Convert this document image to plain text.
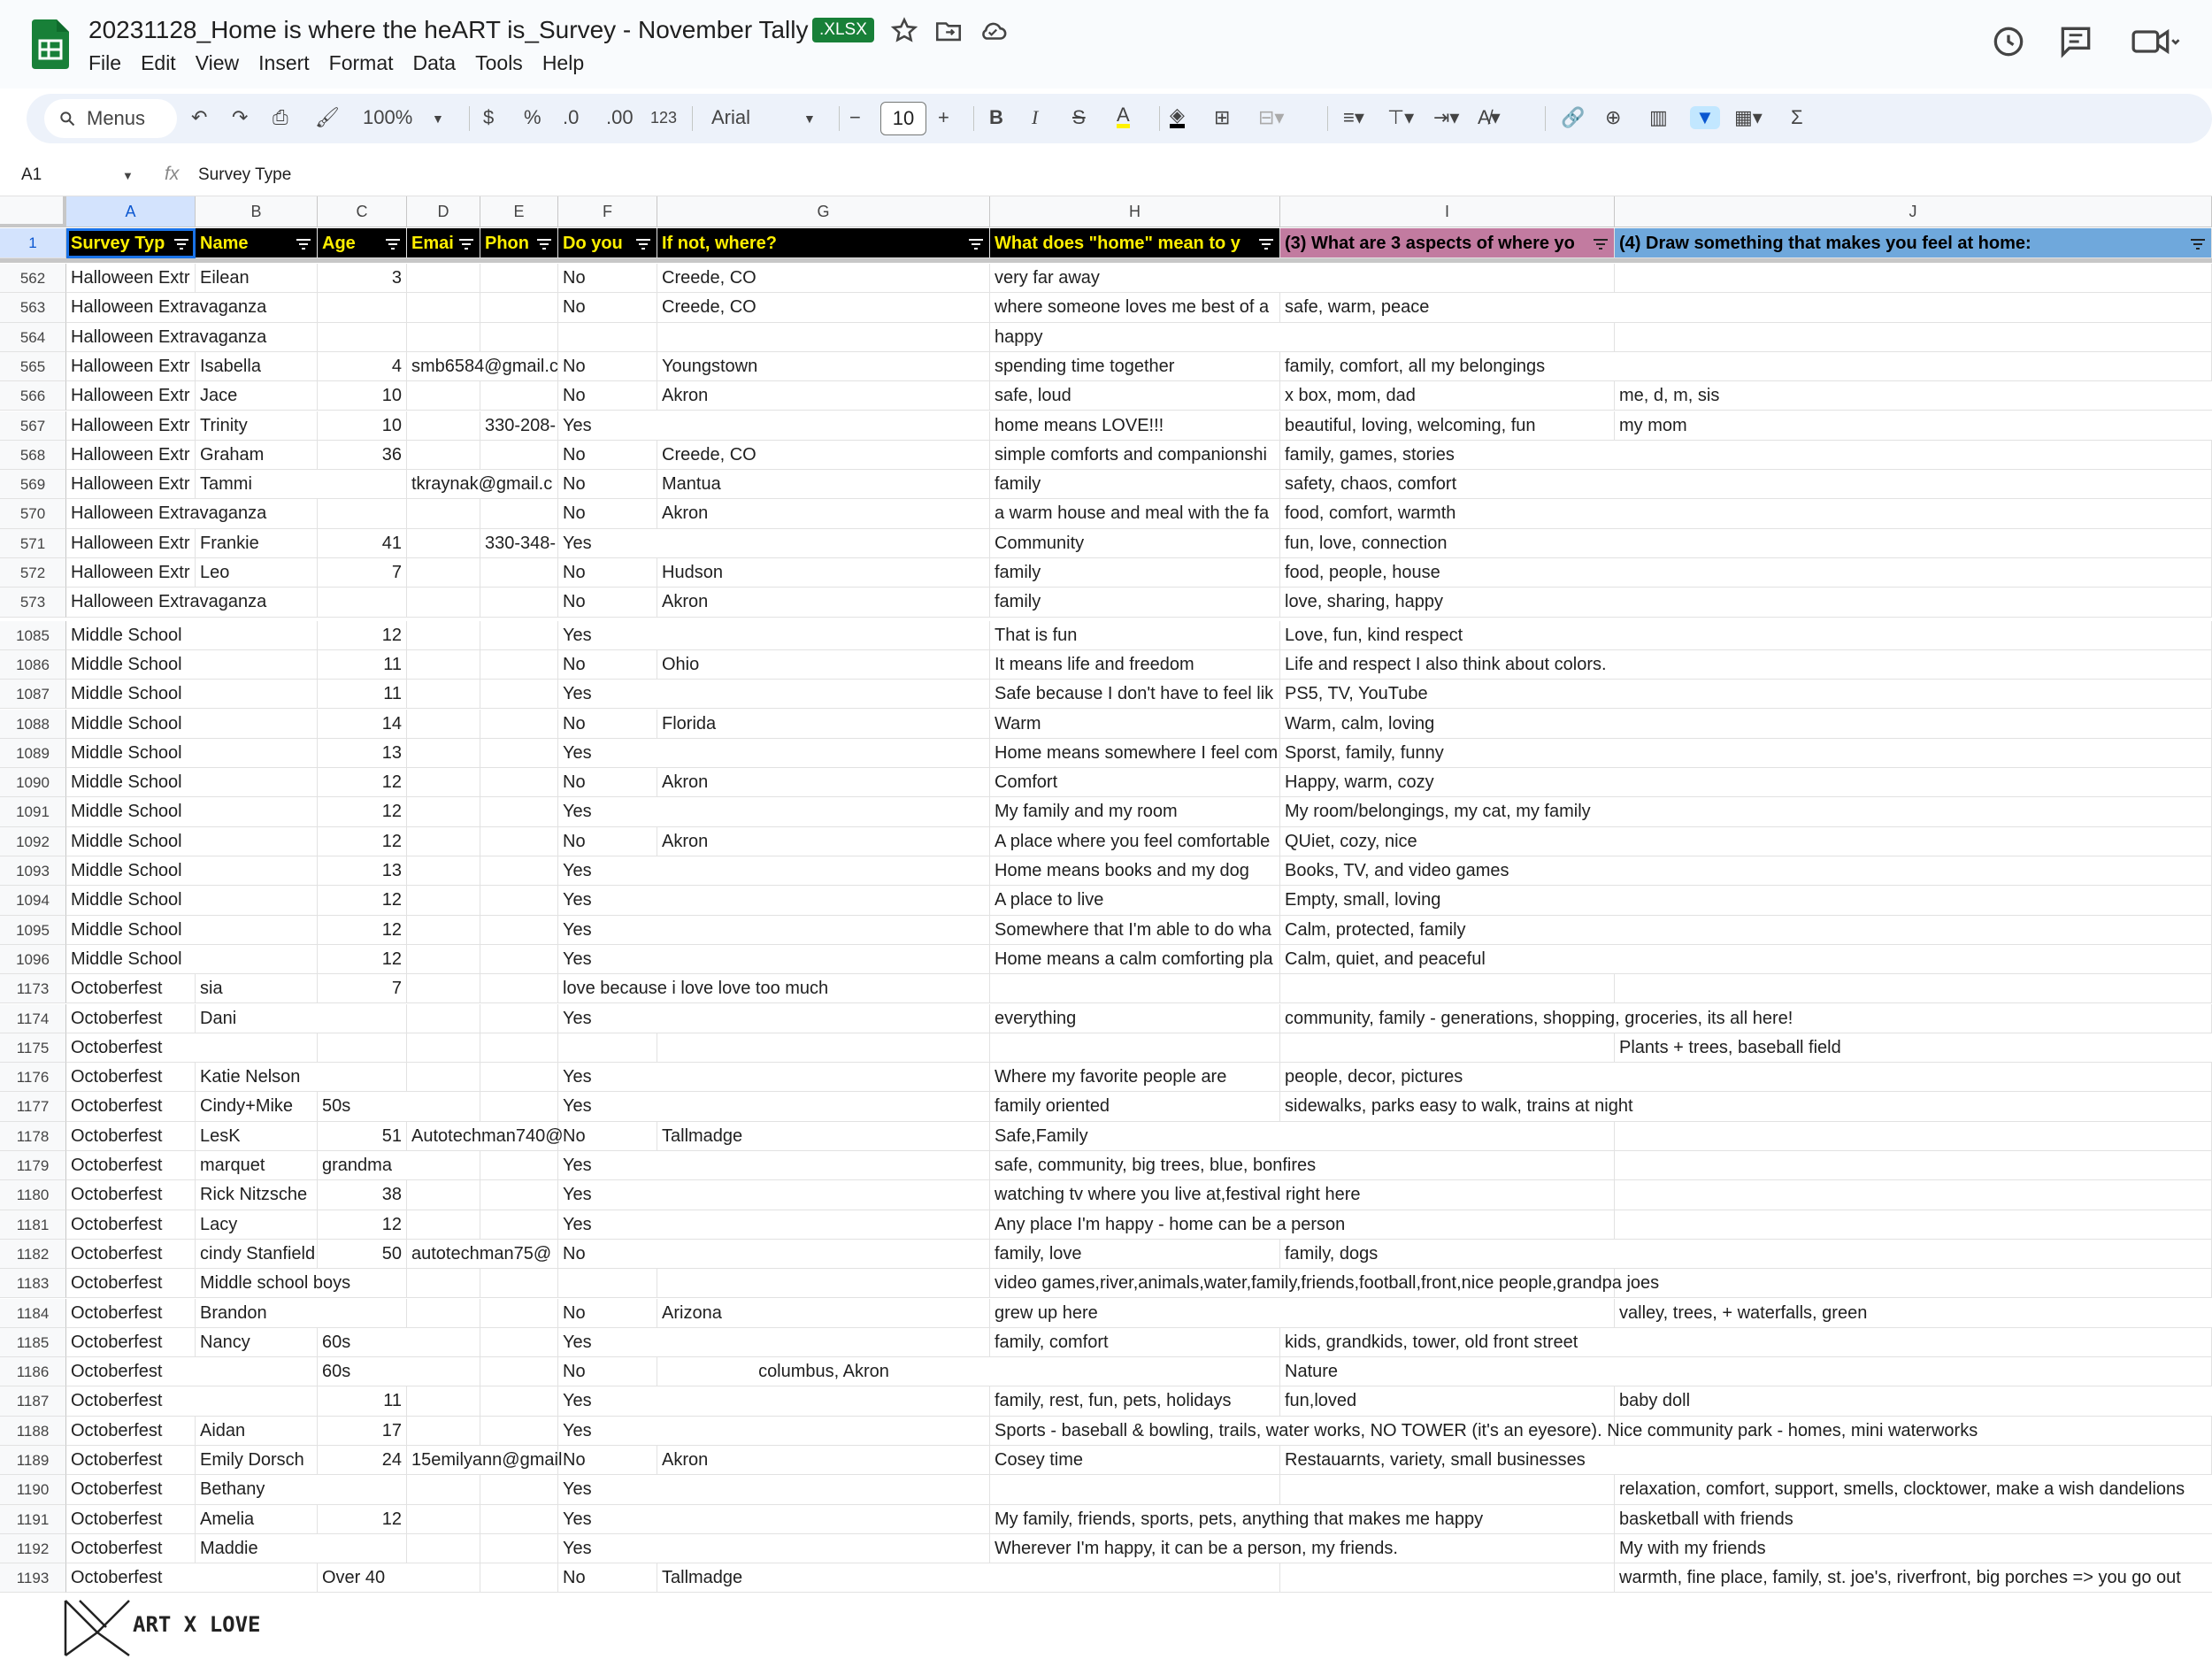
20231128_Home is where the heART is_Survey - November Tally .XLSX
File Edit View Insert Format Data Tools Help
Menus ↶ ↷ ⎙ 🖌 100% ▼ $ % .0 .00 123 Arial	▼ −	10	+ B I S A ◈ ⊞ ⊟▾	≡▾ ⊤▾ ⇥▾ A̸▾	🔗 ⊕ ▥ ▼ ▦▾ Σ
A1	▼ fx Survey Type
A	B	C	D	E	F	G	H	I	J
1	Survey Typ	Name	Age	Emai	Phon	Do you	If not, where?	What does "home" mean to y	(3) What are 3 aspects of where yo	(4) Draw something that makes you feel at home:
562	Halloween Extr Eilean	3	No	Creede, CO	very far away
563	Halloween Extravaganza	No	Creede, CO	where someone loves me best of a safe, warm, peace
564	Halloween Extravaganza	happy
565	Halloween Extr Isabella	4 smb6584@gmail.c No	Youngstown	spending time together	family, comfort, all my belongings
566	Halloween Extr Jace	10	No	Akron	safe, loud	x box, mom, dad	me, d, m, sis
567	Halloween Extr Trinity	10	330-208- Yes	home means LOVE!!!	beautiful, loving, welcoming, fun	my mom
568	Halloween Extr Graham	36	No	Creede, CO	simple comforts and companionshi	family, games, stories
569	Halloween Extr Tammi	tkraynak@gmail.c No	Mantua	family	safety, chaos, comfort
570	Halloween Extravaganza	No	Akron	a warm house and meal with the fa food, comfort, warmth
571	Halloween Extr Frankie	41	330-348- Yes	Community	fun, love, connection
572	Halloween Extr Leo	7	No	Hudson	family	food, people, house
573	Halloween Extravaganza	No	Akron	family	love, sharing, happy
1085	Middle School	12	Yes	That is fun	Love, fun, kind respect
1086	Middle School	11	No	Ohio	It means life and freedom	Life and respect I also think about colors.
1087	Middle School	11	Yes	Safe because I don't have to feel lik PS5, TV, YouTube
1088	Middle School	14	No	Florida	Warm	Warm, calm, loving
1089	Middle School	13	Yes	Home means somewhere I feel com Sporst, family, funny
1090	Middle School	12	No	Akron	Comfort	Happy, warm, cozy
1091	Middle School	12	Yes	My family and my room	My room/belongings, my cat, my family
1092	Middle School	12	No	Akron	A place where you feel comfortable QUiet, cozy, nice
1093	Middle School	13	Yes	Home means books and my dog	Books, TV, and video games
1094	Middle School	12	Yes	A place to live	Empty, small, loving
1095	Middle School	12	Yes	Somewhere that I'm able to do wha Calm, protected, family
1096	Middle School	12	Yes	Home means a calm comforting pla Calm, quiet, and peaceful
1173	Octoberfest	sia	7	love because i love love too much
1174	Octoberfest	Dani	Yes	everything	community, family - generations, shopping, groceries, its all here!
1175	Octoberfest	Plants + trees, baseball field
1176	Octoberfest	Katie Nelson	Yes	Where my favorite people are	people, decor, pictures
1177	Octoberfest	Cindy+Mike	50s	Yes	family oriented	sidewalks, parks easy to walk, trains at night
1178	Octoberfest	LesK	51 Autotechman740@ No	Tallmadge	Safe,Family
1179	Octoberfest	marquet	grandma	Yes	safe, community, big trees, blue, bonfires
1180	Octoberfest	Rick Nitzsche	38	Yes	watching tv where you live at,festival right here
1181	Octoberfest	Lacy	12	Yes	Any place I'm happy - home can be a person
1182	Octoberfest	cindy Stanfield	50 autotechman75@ No	family, love	family, dogs
1183	Octoberfest	Middle school boys	video games,river,animals,water,family,friends,football,front,nice people,grandpa joes
1184	Octoberfest	Brandon	No	Arizona	grew up here	valley, trees, + waterfalls, green
1185	Octoberfest	Nancy	60s	Yes	family, comfort	kids, grandkids, tower, old front street
1186	Octoberfest	60s	No	columbus, Akron	Nature
1187	Octoberfest	11	Yes	family, rest, fun, pets, holidays	fun,loved	baby doll
1188	Octoberfest	Aidan	17	Yes	Sports - baseball & bowling, trails, water works, NO TOWER (it's an eyesore). Nice community park - homes, mini waterworks
1189	Octoberfest	Emily Dorsch	24 15emilyann@gmail No	Akron	Cosey time	Restauarnts, variety, small businesses
1190	Octoberfest	Bethany	Yes	relaxation, comfort, support, smells, clocktower, make a wish dandelions
1191	Octoberfest	Amelia	12	Yes	My family, friends, sports, pets, anything that makes me happy	basketball with friends
1192	Octoberfest	Maddie	Yes	Wherever I'm happy, it can be a person, my friends.	My with my friends
1193	Octoberfest	Over 40	No	Tallmadge	warmth, fine place, family, st. joe's, riverfront, big porches => you go out
ART X LOVE
